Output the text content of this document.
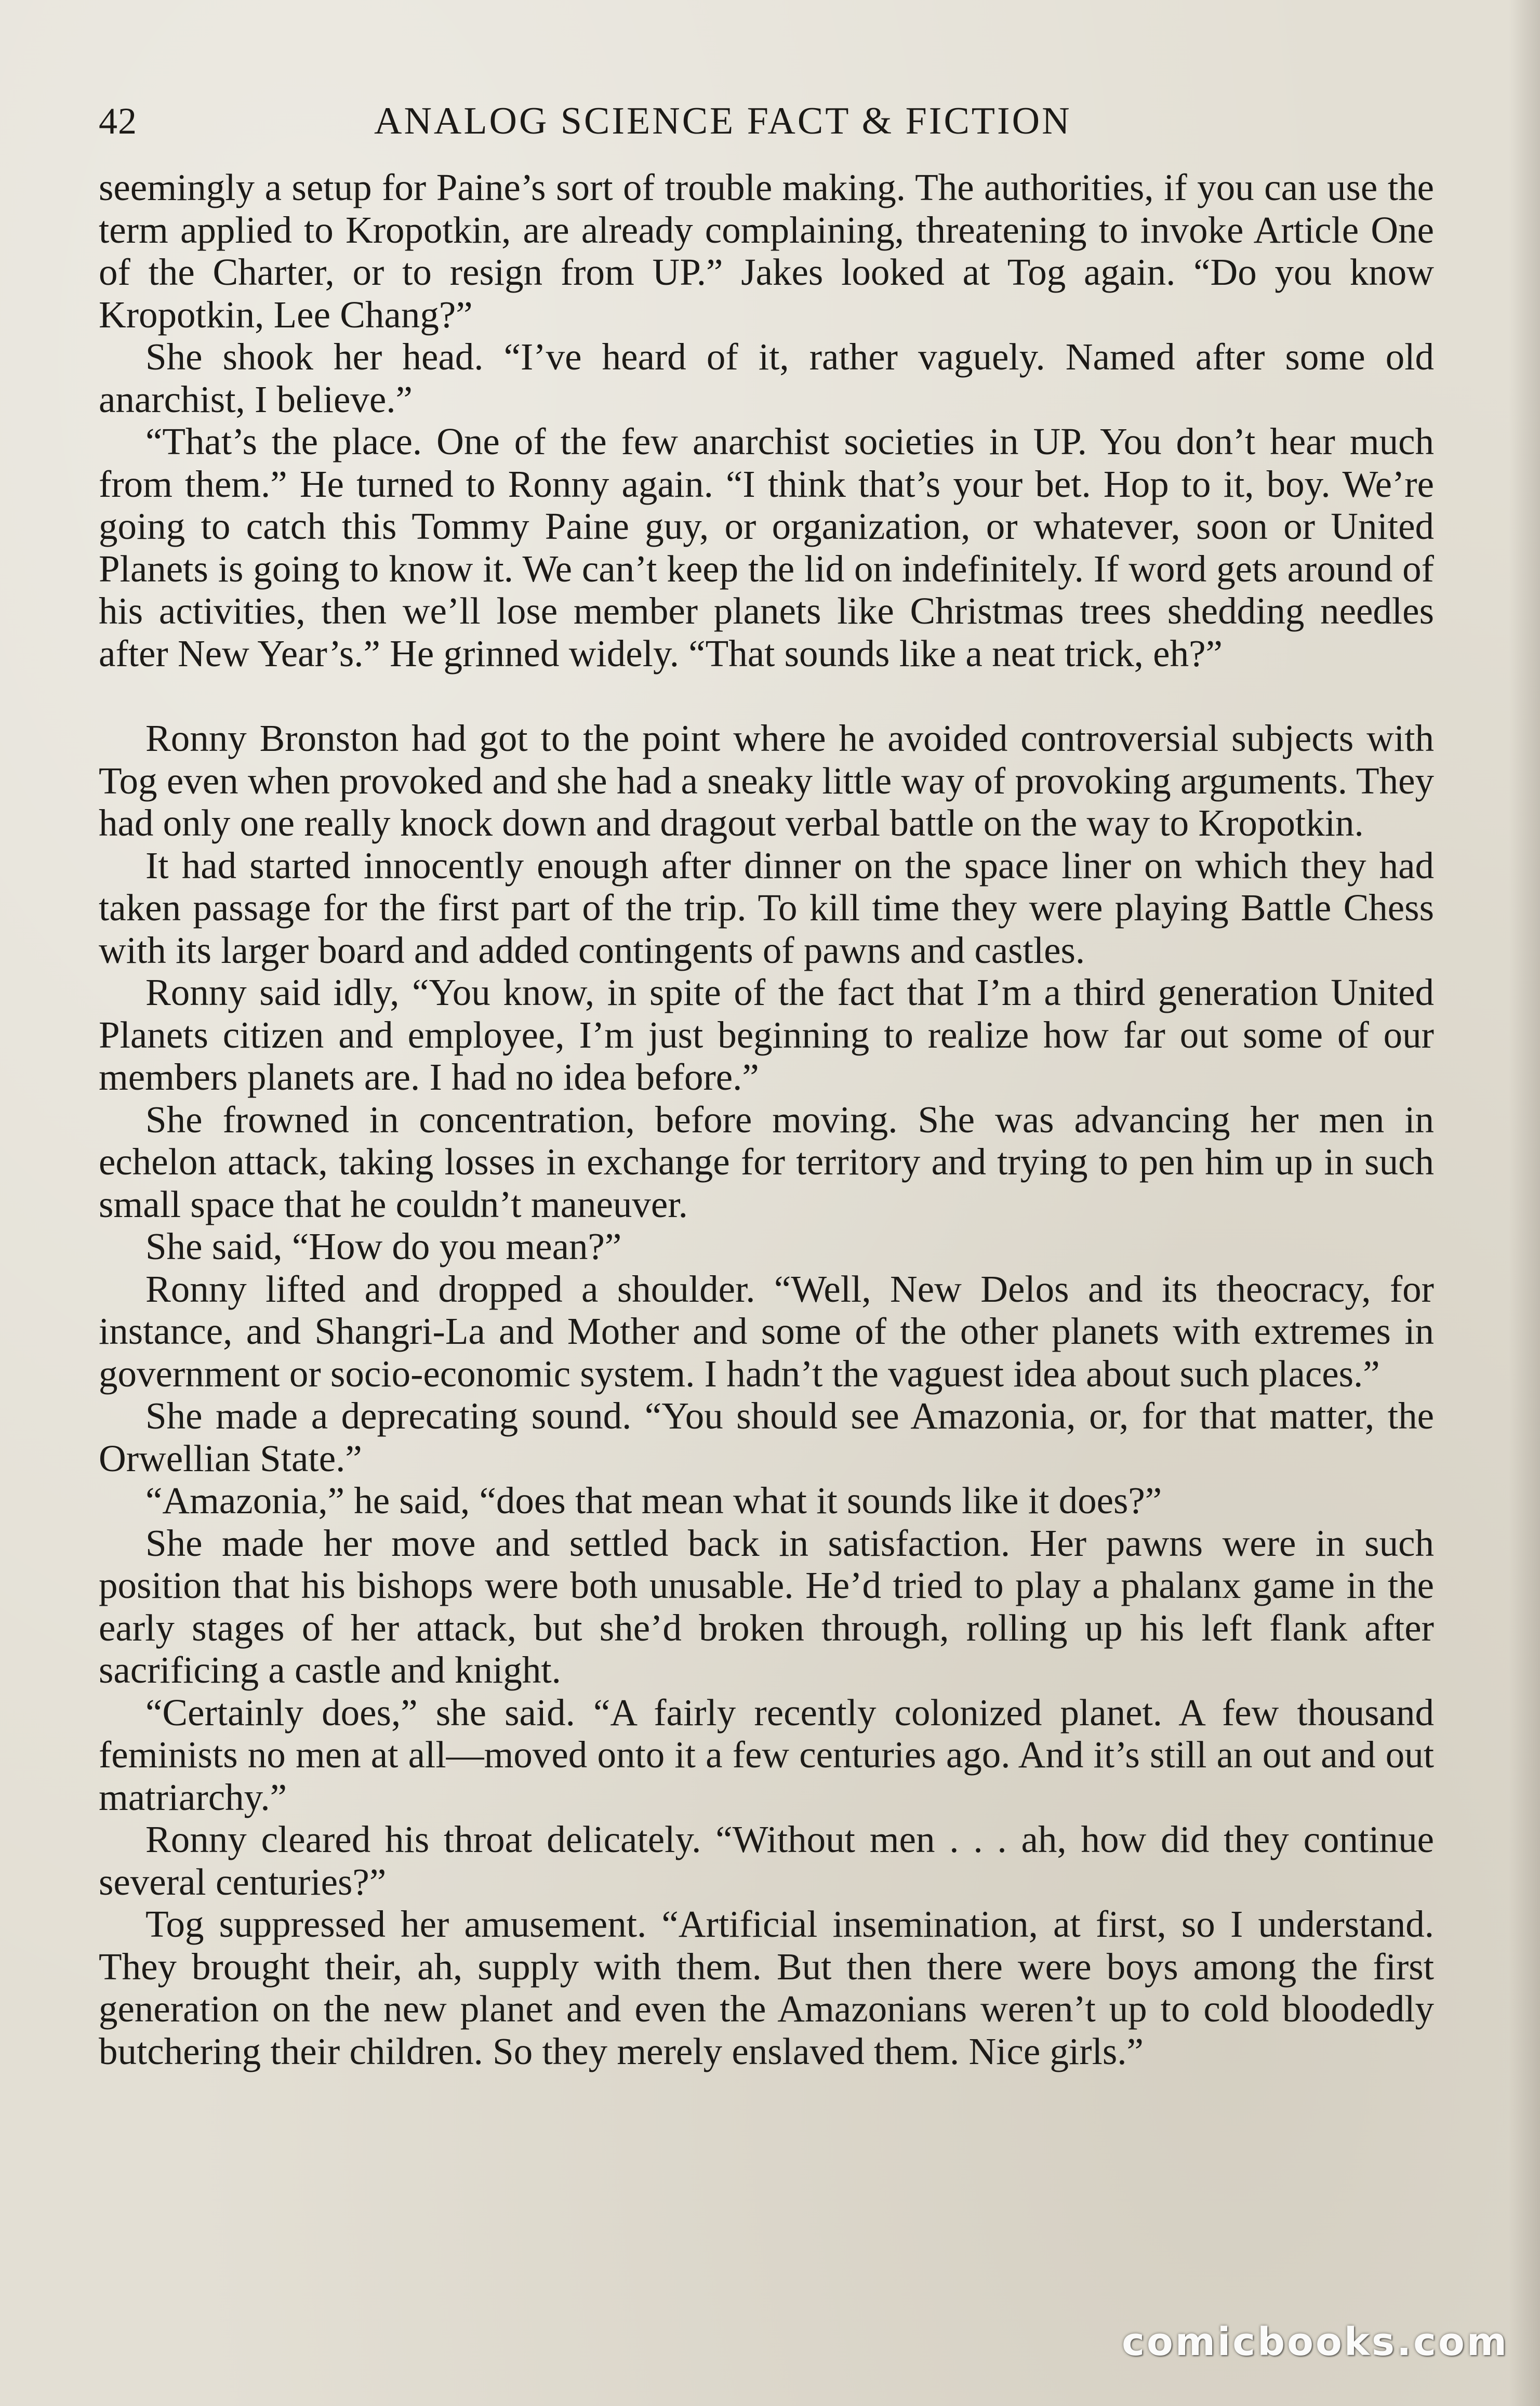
42	ANALOG SCIENCE FACT & FICTION

seemingly a setup for Paine’s sort of trouble making. The authorities, if you can use the term applied to Kropotkin, are already complaining, threatening to invoke Article One of the Charter, or to resign from UP.” Jakes looked at Tog again. “Do you know Kropotkin, Lee Chang?”

She shook her head. “I’ve heard of it, rather vaguely. Named after some old anarchist, I believe.”

“That’s the place. One of the few anarchist societies in UP. You don’t hear much from them.” He turned to Ronny again. “I think that’s your bet. Hop to it, boy. We’re going to catch this Tommy Paine guy, or organization, or whatever, soon or United Planets is going to know it. We can’t keep the lid on indefinitely. If word gets around of his activities, then we’ll lose member planets like Christmas trees shedding needles after New Year’s.” He grinned widely. “That sounds like a neat trick, eh?”

Ronny Bronston had got to the point where he avoided controversial subjects with Tog even when provoked and she had a sneaky little way of provoking arguments. They had only one really knock down and dragout verbal battle on the way to Kropotkin.

It had started innocently enough after dinner on the space liner on which they had taken passage for the first part of the trip. To kill time they were playing Battle Chess with its larger board and added contingents of pawns and castles.

Ronny said idly, “You know, in spite of the fact that I’m a third generation United Planets citizen and employee, I’m just beginning to realize how far out some of our members planets are. I had no idea before.”

She frowned in concentration, before moving. She was advancing her men in echelon attack, taking losses in exchange for territory and trying to pen him up in such small space that he couldn’t maneuver.

She said, “How do you mean?”

Ronny lifted and dropped a shoulder. “Well, New Delos and its theocracy, for instance, and Shangri-La and Mother and some of the other planets with extremes in government or socio-economic system. I hadn’t the vaguest idea about such places.”

She made a deprecating sound. “You should see Amazonia, or, for that matter, the Orwellian State.”

“Amazonia,” he said, “does that mean what it sounds like it does?”

She made her move and settled back in satisfaction. Her pawns were in such position that his bishops were both unusable. He’d tried to play a phalanx game in the early stages of her attack, but she’d broken through, rolling up his left flank after sacrificing a castle and knight.

“Certainly does,” she said. “A fairly recently colonized planet. A few thousand feminists no men at all—moved onto it a few centuries ago. And it’s still an out and out matriarchy.”

Ronny cleared his throat delicately. “Without men . . . ah, how did they continue several centuries?”

Tog suppressed her amusement. “Artificial insemination, at first, so I understand. They brought their, ah, supply with them. But then there were boys among the first generation on the new planet and even the Amazonians weren’t up to cold bloodedly butchering their children. So they merely enslaved them. Nice girls.”

comicbooks.com
